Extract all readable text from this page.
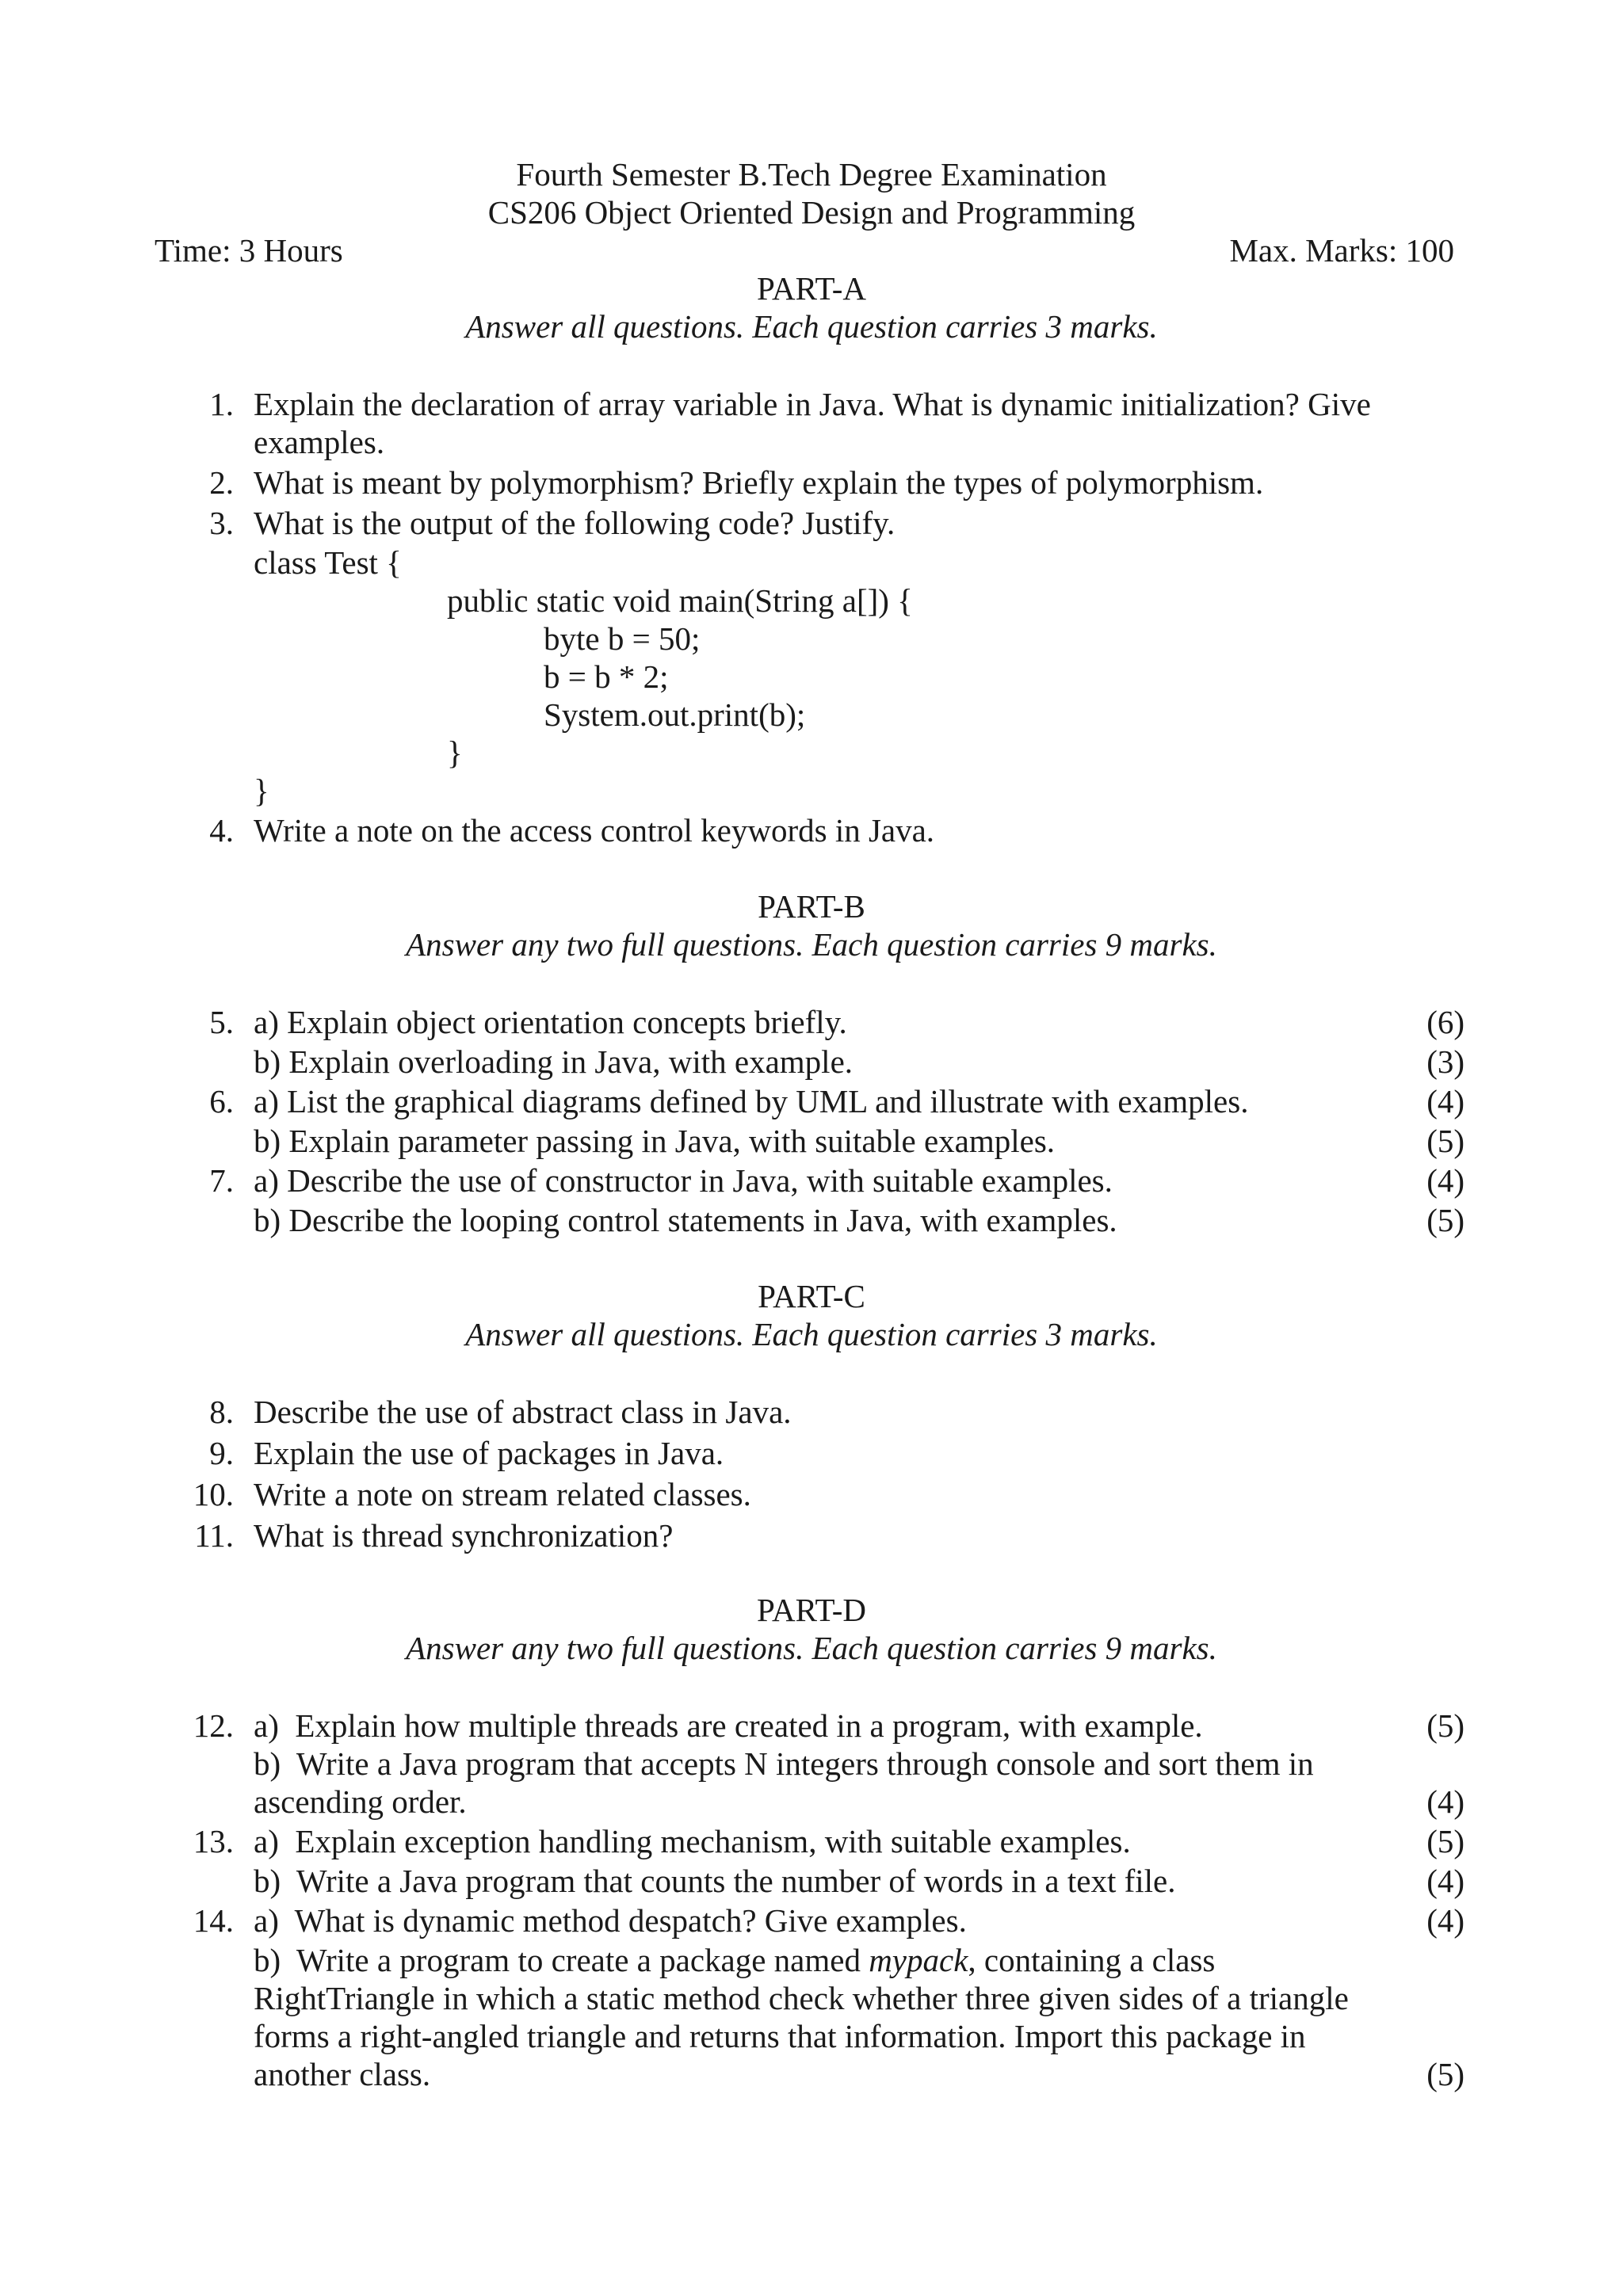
Fourth Semester B.Tech Degree Examination
CS206 Object Oriented Design and Programming
Time: 3 Hours	Max. Marks: 100
PART-A
Answer all questions. Each question carries 3 marks.
1. Explain the declaration of array variable in Java. What is dynamic initialization? Give
examples.
2. What is meant by polymorphism? Briefly explain the types of polymorphism.
3. What is the output of the following code? Justify.
class Test {
public static void main(String a[]) {
byte b = 50;
b = b * 2;
System.out.print(b);
}
}
4. Write a note on the access control keywords in Java.
PART-B
Answer any two full questions. Each question carries 9 marks.
5. a) Explain object orientation concepts briefly.	(6)
b) Explain overloading in Java, with example.	(3)
6. a) List the graphical diagrams defined by UML and illustrate with examples.	(4)
b) Explain parameter passing in Java, with suitable examples.	(5)
7. a) Describe the use of constructor in Java, with suitable examples.	(4)
b) Describe the looping control statements in Java, with examples.	(5)
PART-C
Answer all questions. Each question carries 3 marks.
8. Describe the use of abstract class in Java.
9. Explain the use of packages in Java.
10. Write a note on stream related classes.
11. What is thread synchronization?
PART-D
Answer any two full questions. Each question carries 9 marks.
12. a)  Explain how multiple threads are created in a program, with example.	(5)
b)  Write a Java program that accepts N integers through console and sort them in
ascending order.	(4)
13. a)  Explain exception handling mechanism, with suitable examples.	(5)
b)  Write a Java program that counts the number of words in a text file.	(4)
14. a)  What is dynamic method despatch? Give examples.	(4)
b)  Write a program to create a package named mypack, containing a class
RightTriangle in which a static method check whether three given sides of a triangle
forms a right-angled triangle and returns that information. Import this package in
another class.	(5)
